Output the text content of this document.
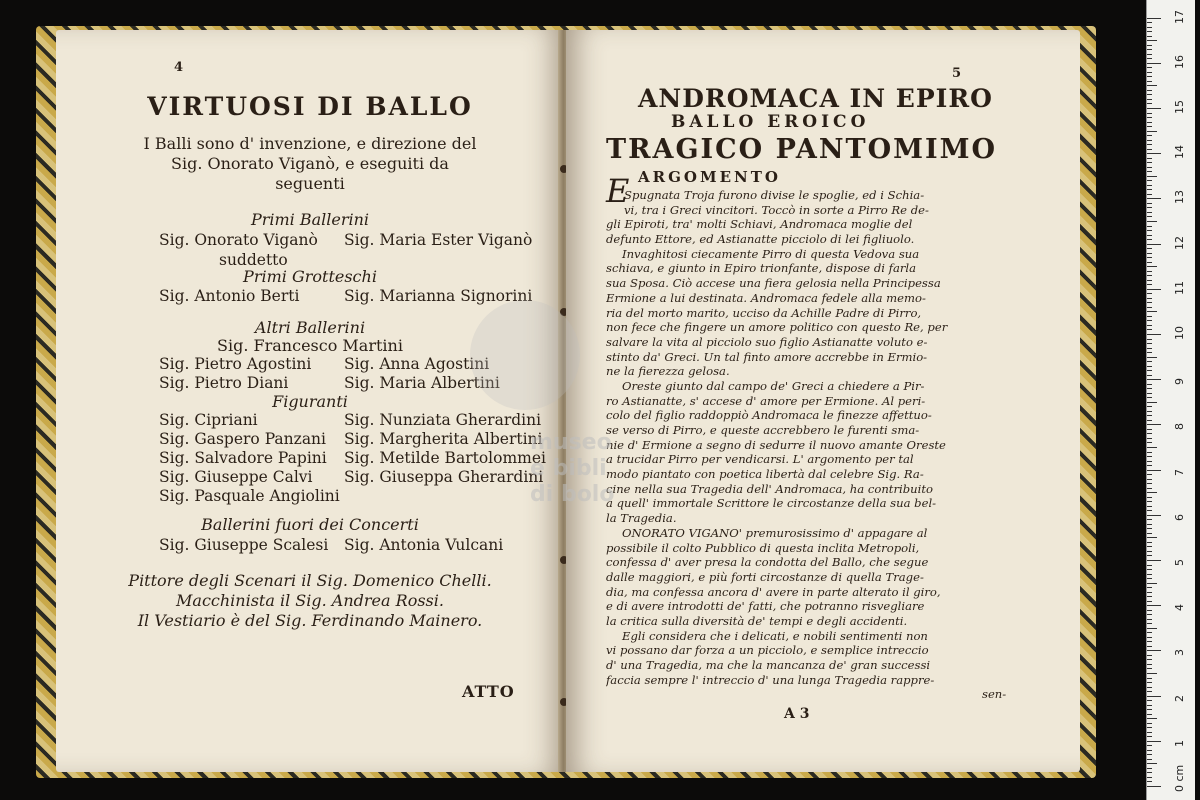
4
VIRTUOSI DI BALLO
I Balli sono d' invenzione, e direzione del
Sig. Onorato Viganò, e eseguiti da
seguenti
Primi Ballerini
Sig. Onorato Viganò Sig. Maria Ester Viganò
suddetto
Primi Grotteschi
Sig. Antonio Berti	Sig. Marianna Signorini
Altri Ballerini
Sig. Francesco Martini
Sig. Pietro Agostini Sig. Anna Agostini
Sig. Pietro Diani	Sig. Maria Albertini
Figuranti
Sig. Cipriani	Sig. Nunziata Gherardini
Sig. Gaspero Panzani Sig. Margherita Albertini
Sig. Salvadore Papini Sig. Metilde Bartolommei
Sig. Giuseppe Calvi Sig. Giuseppa Gherardini
Sig. Pasquale Angiolini
Ballerini fuori dei Concerti
Sig. Giuseppe Scalesi Sig. Antonia Vulcani
Pittore degli Scenari il Sig. Domenico Chelli.
Macchinista il Sig. Andrea Rossi.
Il Vestiario è del Sig. Ferdinando Mainero.
ATTO
5
ANDROMACA IN EPIRO
BALLO EROICO
TRAGICO PANTOMIMO
ARGOMENTO
E
Spugnata Troja furono divise le spoglie, ed i Schia-
vi, tra i Greci vincitori. Toccò in sorte a Pirro Re de-
gli Epiroti, tra' molti Schiavi, Andromaca moglie del
defunto Ettore, ed Astianatte picciolo di lei figliuolo.
Invaghitosi ciecamente Pirro di questa Vedova sua
schiava, e giunto in Epiro trionfante, dispose di farla
sua Sposa. Ciò accese una fiera gelosia nella Principessa
Ermione a lui destinata. Andromaca fedele alla memo-
ria del morto marito, ucciso da Achille Padre di Pirro,
non fece che fingere un amore politico con questo Re, per
salvare la vita al picciolo suo figlio Astianatte voluto e-
stinto da' Greci. Un tal finto amore accrebbe in Ermio-
ne la fierezza gelosa.
Oreste giunto dal campo de' Greci a chiedere a Pir-
ro Astianatte, s' accese d' amore per Ermione. Al peri-
colo del figlio raddoppiò Andromaca le finezze affettuo-
se verso di Pirro, e queste accrebbero le furenti sma-
nie d' Ermione a segno di sedurre il nuovo amante Oreste
a trucidar Pirro per vendicarsi. L' argomento per tal
modo piantato con poetica libertà dal celebre Sig. Ra-
cine nella sua Tragedia dell' Andromaca, ha contribuito
a quell' immortale Scrittore le circostanze della sua bel-
la Tragedia.
ONORATO VIGANO' premurosissimo d' appagare al
possibile il colto Pubblico di questa inclita Metropoli,
confessa d' aver presa la condotta del Ballo, che segue
dalle maggiori, e più forti circostanze di quella Trage-
dia, ma confessa ancora d' avere in parte alterato il giro,
e di avere introdotti de' fatti, che potranno risvegliare
la critica sulla diversità de' tempi e degli accidenti.
Egli considera che i delicati, e nobili sentimenti non
vi possano dar forza a un picciolo, e semplice intreccio
d' una Tragedia, ma che la mancanza de' gran successi
faccia sempre l' intreccio d' una lunga Tragedia rappre-
sen-
A 3
museo
e bibli
di bolo
0 cm
1
2
3
4
5
6
7
8
9
10
11
12
13
14
15
16
17
